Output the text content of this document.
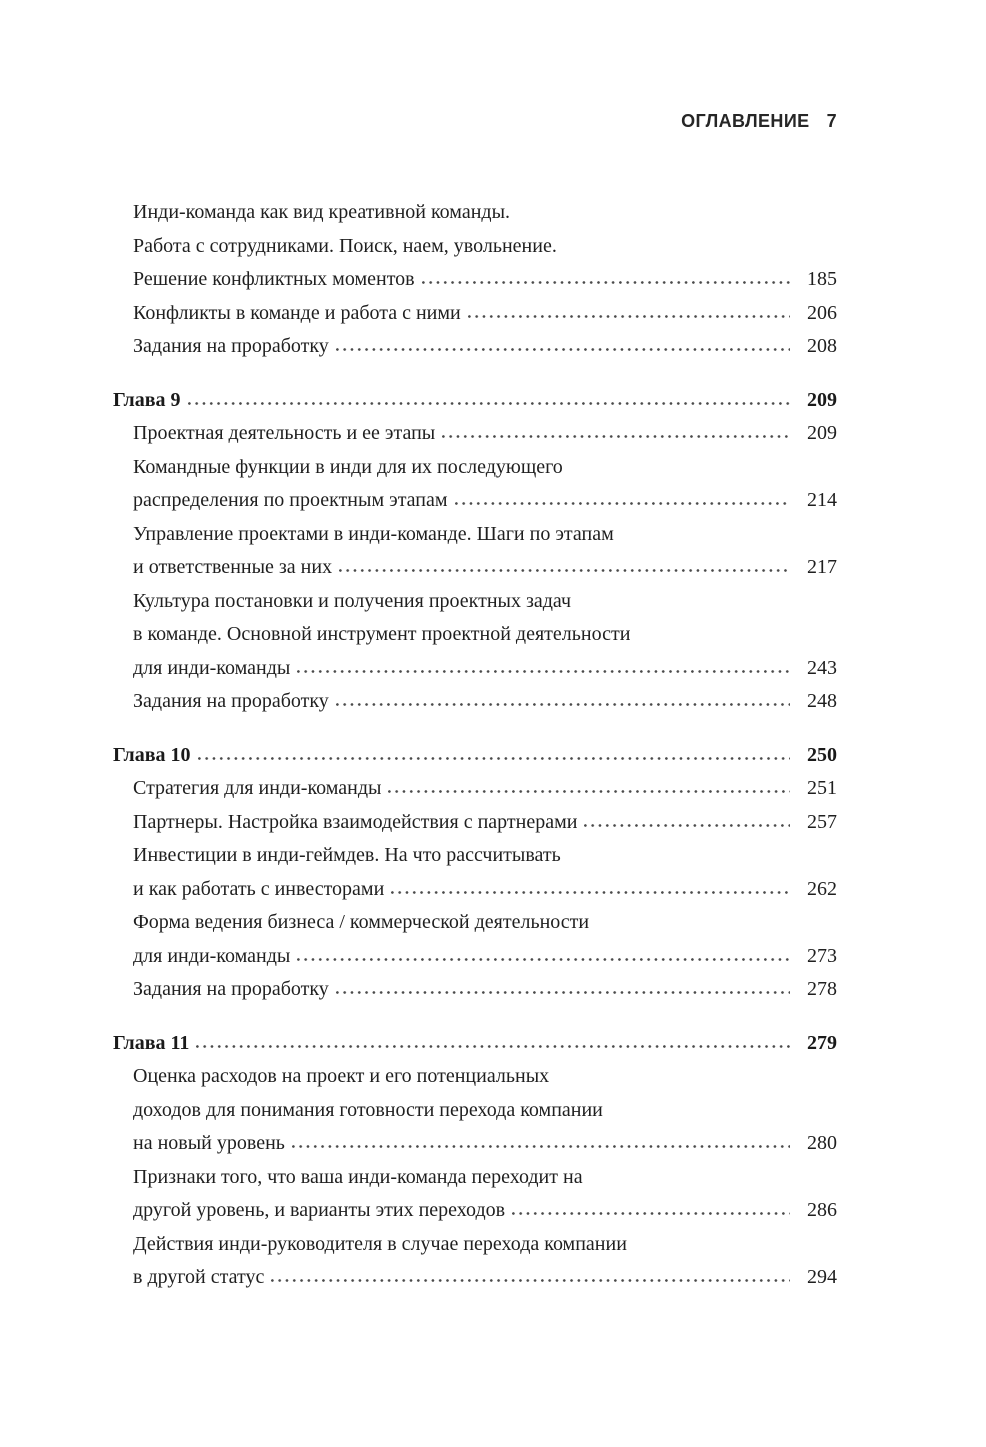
ОГЛАВЛЕНИЕ 7
Инди-команда как вид креативной команды.
Работа с сотрудниками. Поиск, наем, увольнение.
Решение конфликтных моментов	185
Конфликты в команде и работа с ними	206
Задания на проработку	208
Глава 9	209
Проектная деятельность и ее этапы	209
Командные функции в инди для их последующего
распределения по проектным этапам	214
Управление проектами в инди-команде. Шаги по этапам
и ответственные за них	217
Культура постановки и получения проектных задач
в команде. Основной инструмент проектной деятельности
для инди-команды	243
Задания на проработку	248
Глава 10	250
Стратегия для инди-команды	251
Партнеры. Настройка взаимодействия с партнерами	257
Инвестиции в инди-геймдев. На что рассчитывать
и как работать с инвесторами	262
Форма ведения бизнеса / коммерческой деятельности
для инди-команды	273
Задания на проработку	278
Глава 11	279
Оценка расходов на проект и его потенциальных
доходов для понимания готовности перехода компании
на новый уровень	280
Признаки того, что ваша инди-команда переходит на
другой уровень, и варианты этих переходов	286
Действия инди-руководителя в случае перехода компании
в другой статус	294
